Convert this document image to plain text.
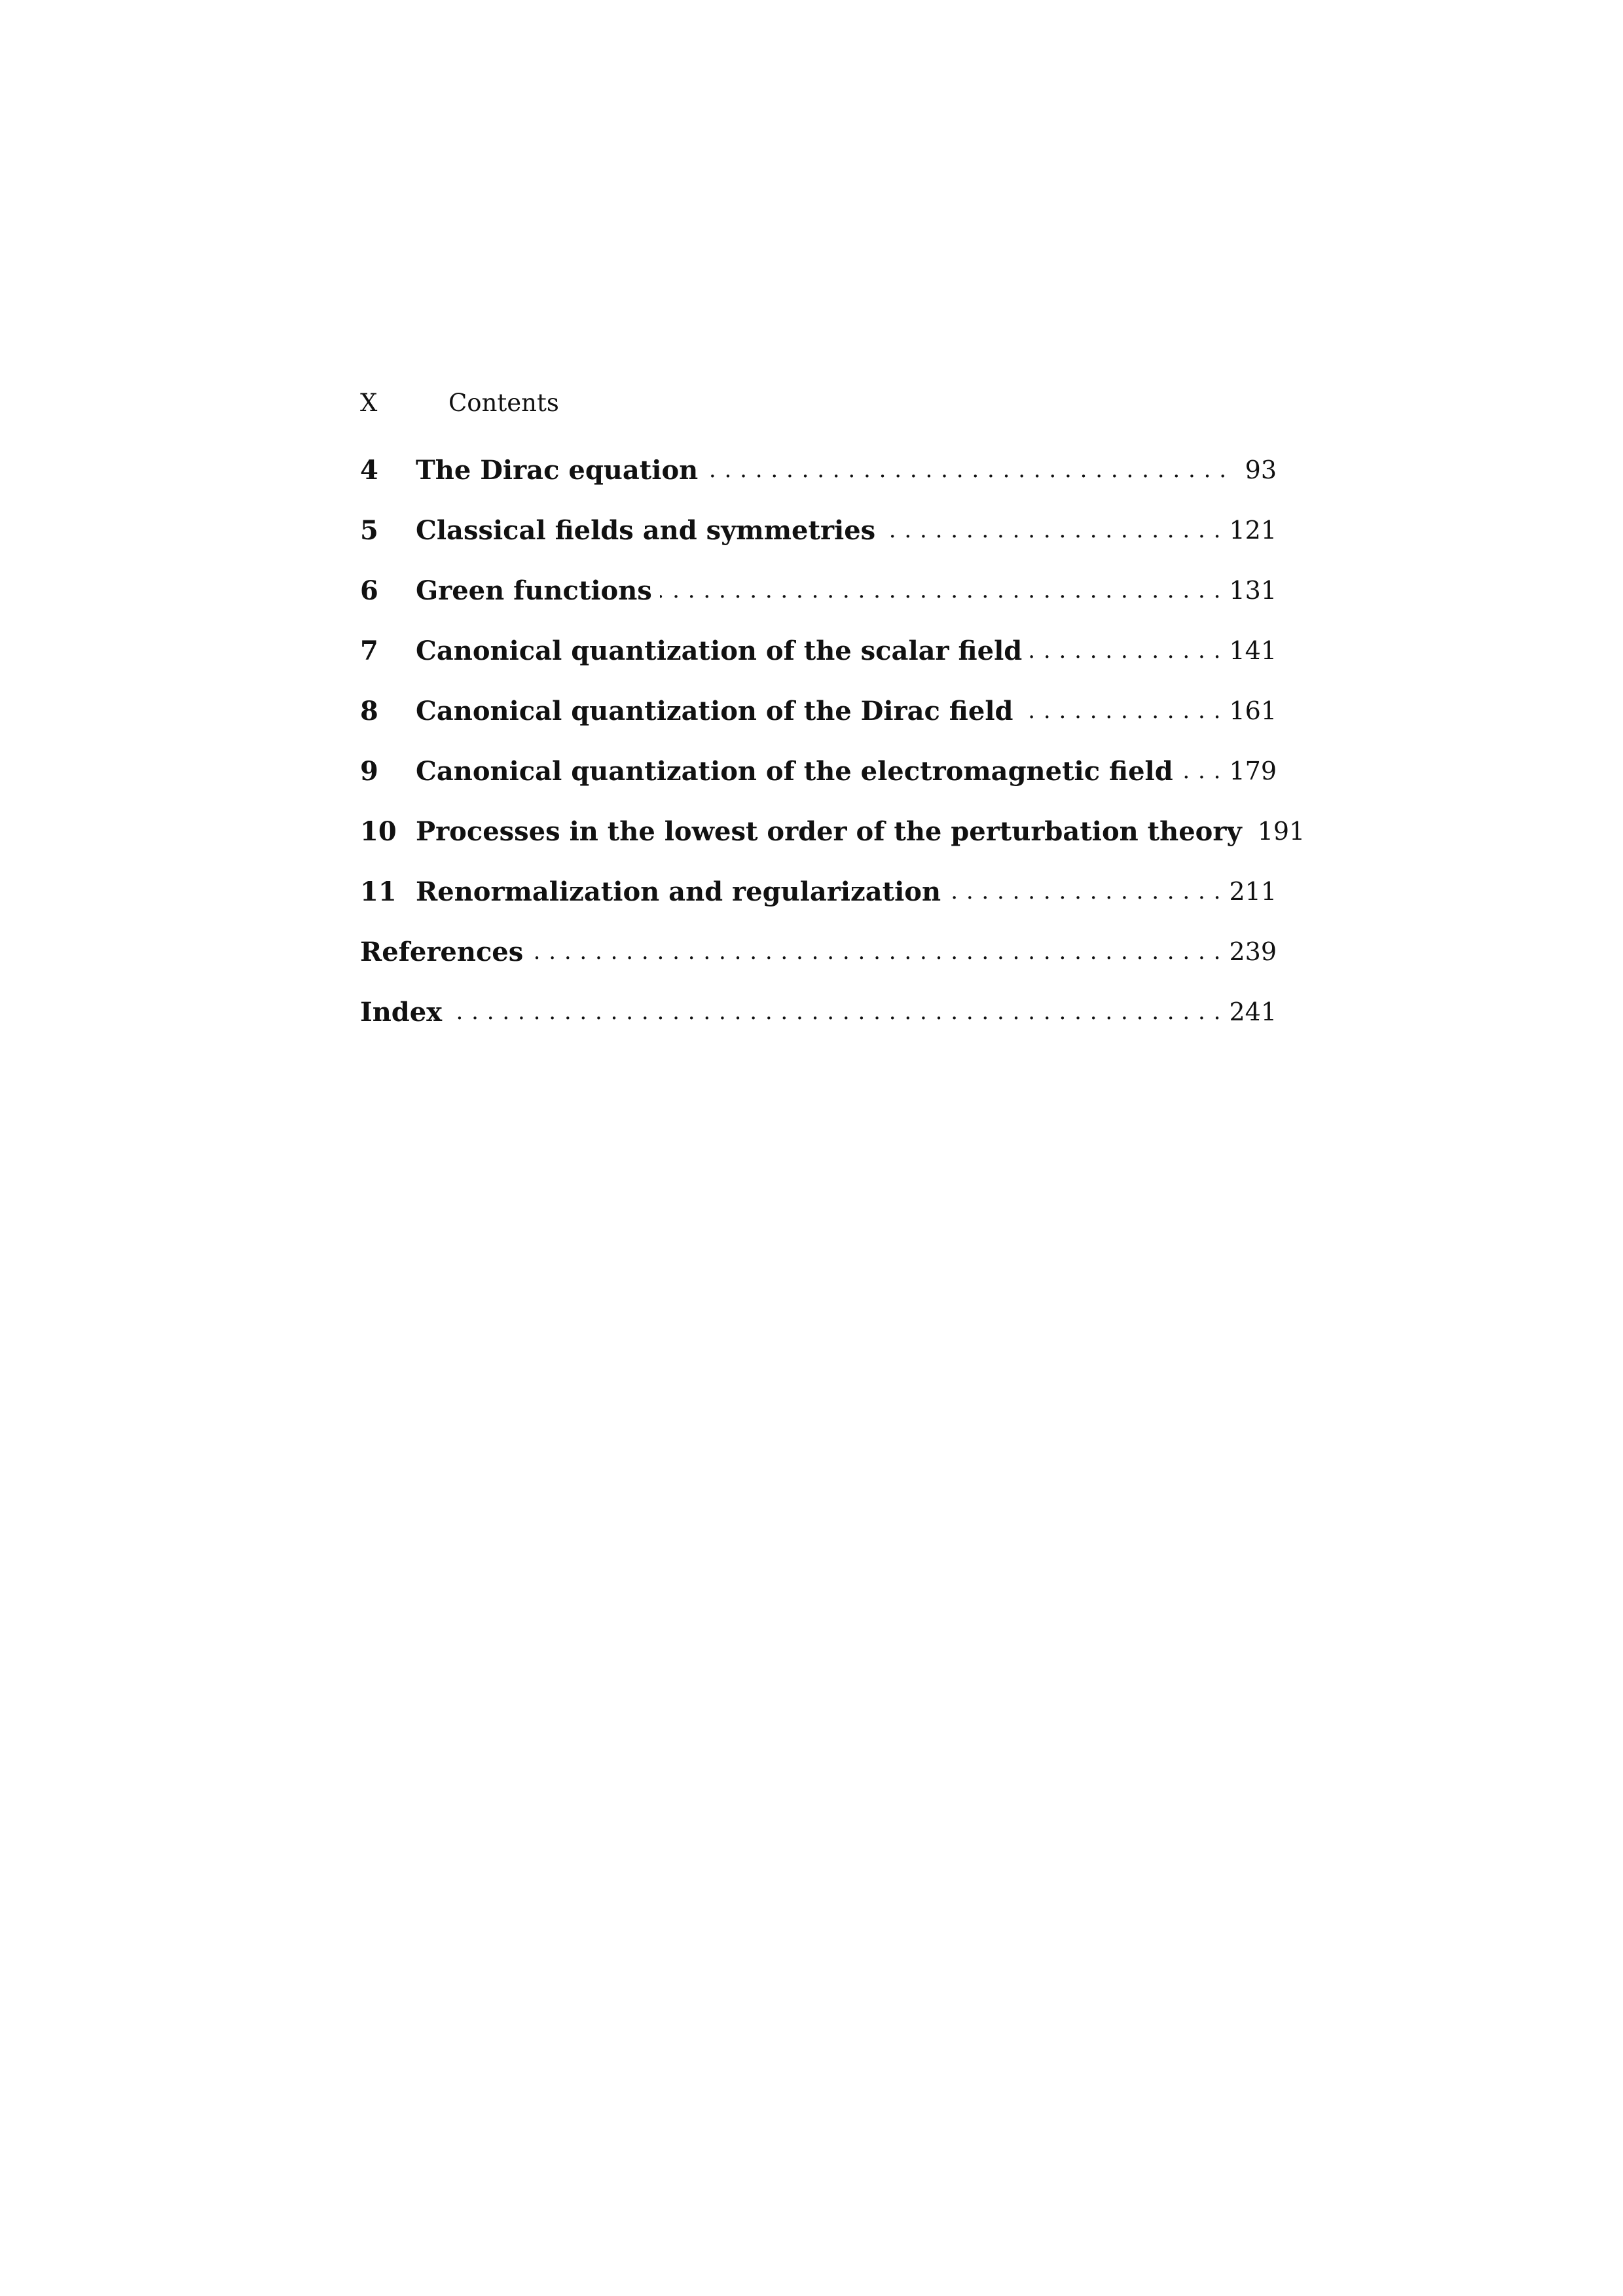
X	Contents
4	The Dirac equation . . .	93
5	Classical fields and symmetries . . .	121
6	Green functions . . .	131
7	Canonical quantization of the scalar field . . .	141
8	Canonical quantization of the Dirac field . . .	161
9	Canonical quantization of the electromagnetic field . . . 179
10 Processes in the lowest order of the perturbation theory 191
11 Renormalization and regularization . . .	211
References . . .	239
Index . . .	241
